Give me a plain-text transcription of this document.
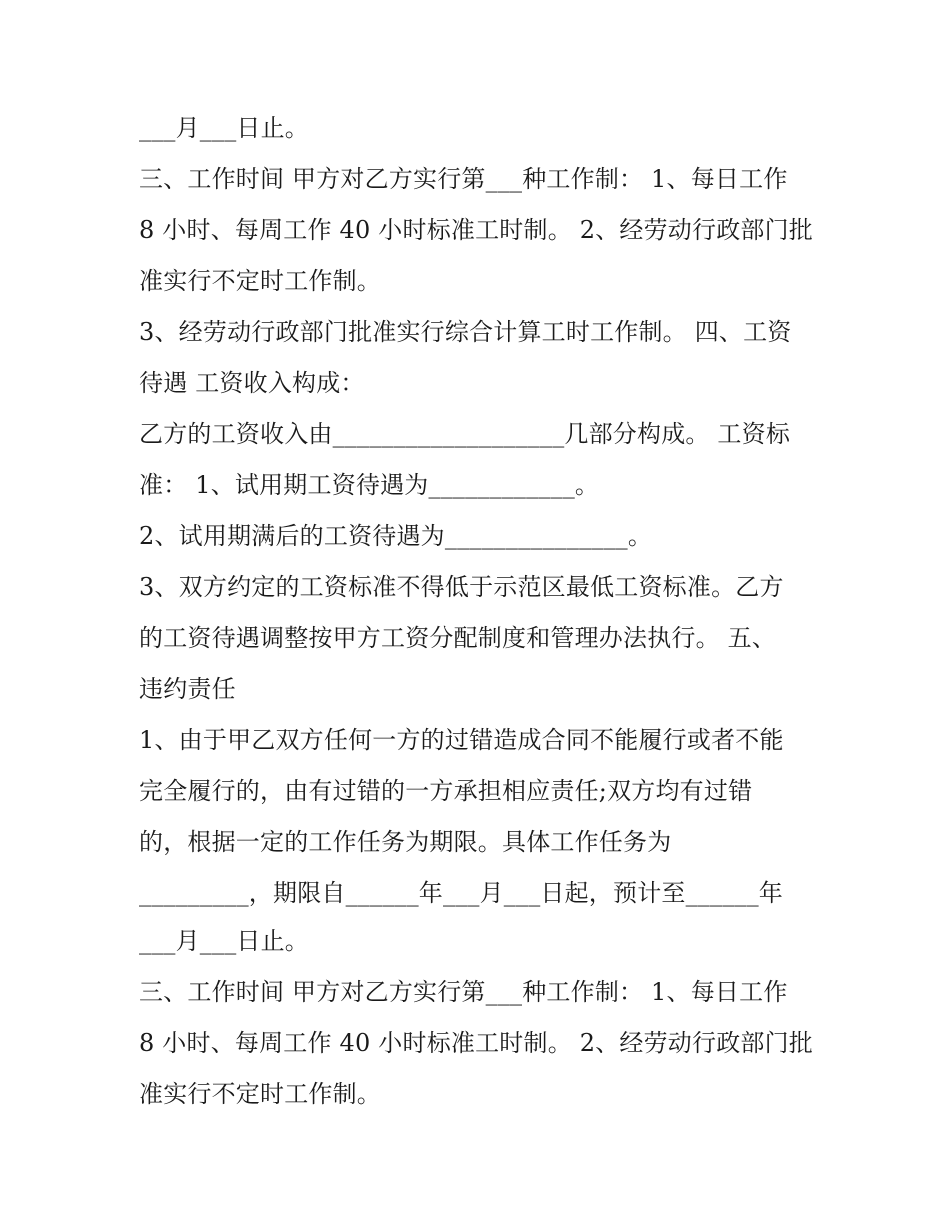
___月___日止。
三、工作时间 甲方对乙方实行第___种工作制： 1、每日工作
8 小时、每周工作 40 小时标准工时制。 2、经劳动行政部门批
准实行不定时工作制。
3、经劳动行政部门批准实行综合计算工时工作制。 四、工资
待遇 工资收入构成：
乙方的工资收入由___________________几部分构成。 工资标
准： 1、试用期工资待遇为____________。
2、试用期满后的工资待遇为_______________。
3、双方约定的工资标准不得低于示范区最低工资标准。乙方
的工资待遇调整按甲方工资分配制度和管理办法执行。 五、
违约责任
1、由于甲乙双方任何一方的过错造成合同不能履行或者不能
完全履行的，由有过错的一方承担相应责任;双方均有过错
的，根据一定的工作任务为期限。具体工作任务为
_________，期限自______年___月___日起，预计至______年
___月___日止。
三、工作时间 甲方对乙方实行第___种工作制： 1、每日工作
8 小时、每周工作 40 小时标准工时制。 2、经劳动行政部门批
准实行不定时工作制。
